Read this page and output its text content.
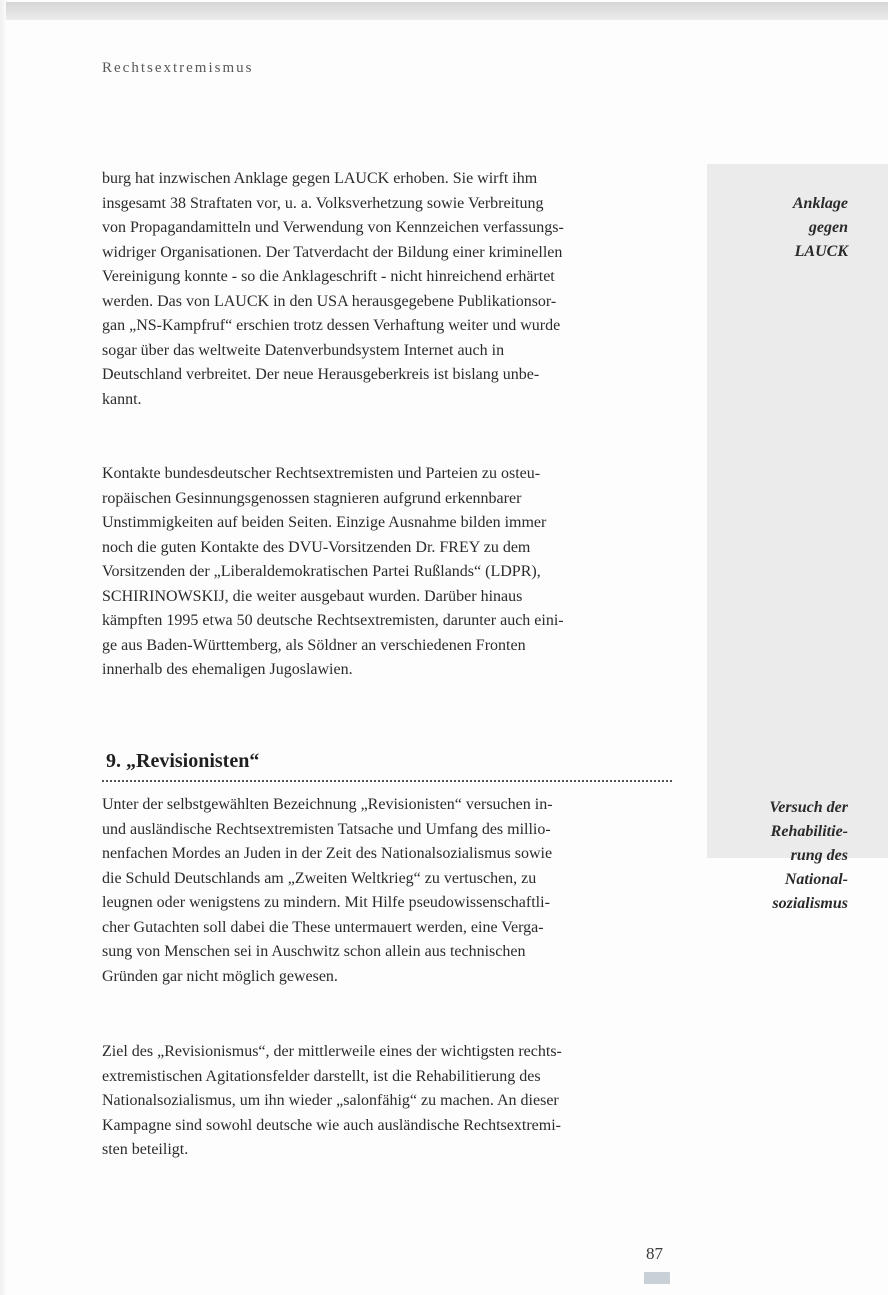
Rechtsextremismus

Anklage
gegen
LAUCK

Versuch der
Rehabilitie-
rung des
National-
sozialismus

burg hat inzwischen Anklage gegen LAUCK erhoben. Sie wirft ihm
insgesamt 38 Straftaten vor, u. a. Volksverhetzung sowie Verbreitung
von Propagandamitteln und Verwendung von Kennzeichen verfassungs-
widriger Organisationen. Der Tatverdacht der Bildung einer kriminellen
Vereinigung konnte - so die Anklageschrift - nicht hinreichend erhärtet
werden. Das von LAUCK in den USA herausgegebene Publikationsor-
gan „NS-Kampfruf“ erschien trotz dessen Verhaftung weiter und wurde
sogar über das weltweite Datenverbundsystem Internet auch in
Deutschland verbreitet. Der neue Herausgeberkreis ist bislang unbe-
kannt.
Kontakte bundesdeutscher Rechtsextremisten und Parteien zu osteu-
ropäischen Gesinnungsgenossen stagnieren aufgrund erkennbarer
Unstimmigkeiten auf beiden Seiten. Einzige Ausnahme bilden immer
noch die guten Kontakte des DVU-Vorsitzenden Dr. FREY zu dem
Vorsitzenden der „Liberaldemokratischen Partei Rußlands“ (LDPR),
SCHIRINOWSKIJ, die weiter ausgebaut wurden. Darüber hinaus
kämpften 1995 etwa 50 deutsche Rechtsextremisten, darunter auch eini-
ge aus Baden-Württemberg, als Söldner an verschiedenen Fronten
innerhalb des ehemaligen Jugoslawien.
9. „Revisionisten“
Unter der selbstgewählten Bezeichnung „Revisionisten“ versuchen in-
und ausländische Rechtsextremisten Tatsache und Umfang des millio-
nenfachen Mordes an Juden in der Zeit des Nationalsozialismus sowie
die Schuld Deutschlands am „Zweiten Weltkrieg“ zu vertuschen, zu
leugnen oder wenigstens zu mindern. Mit Hilfe pseudowissenschaftli-
cher Gutachten soll dabei die These untermauert werden, eine Verga-
sung von Menschen sei in Auschwitz schon allein aus technischen
Gründen gar nicht möglich gewesen.
Ziel des „Revisionismus“, der mittlerweile eines der wichtigsten rechts-
extremistischen Agitationsfelder darstellt, ist die Rehabilitierung des
Nationalsozialismus, um ihn wieder „salonfähig“ zu machen. An dieser
Kampagne sind sowohl deutsche wie auch ausländische Rechtsextremi-
sten beteiligt.

87
